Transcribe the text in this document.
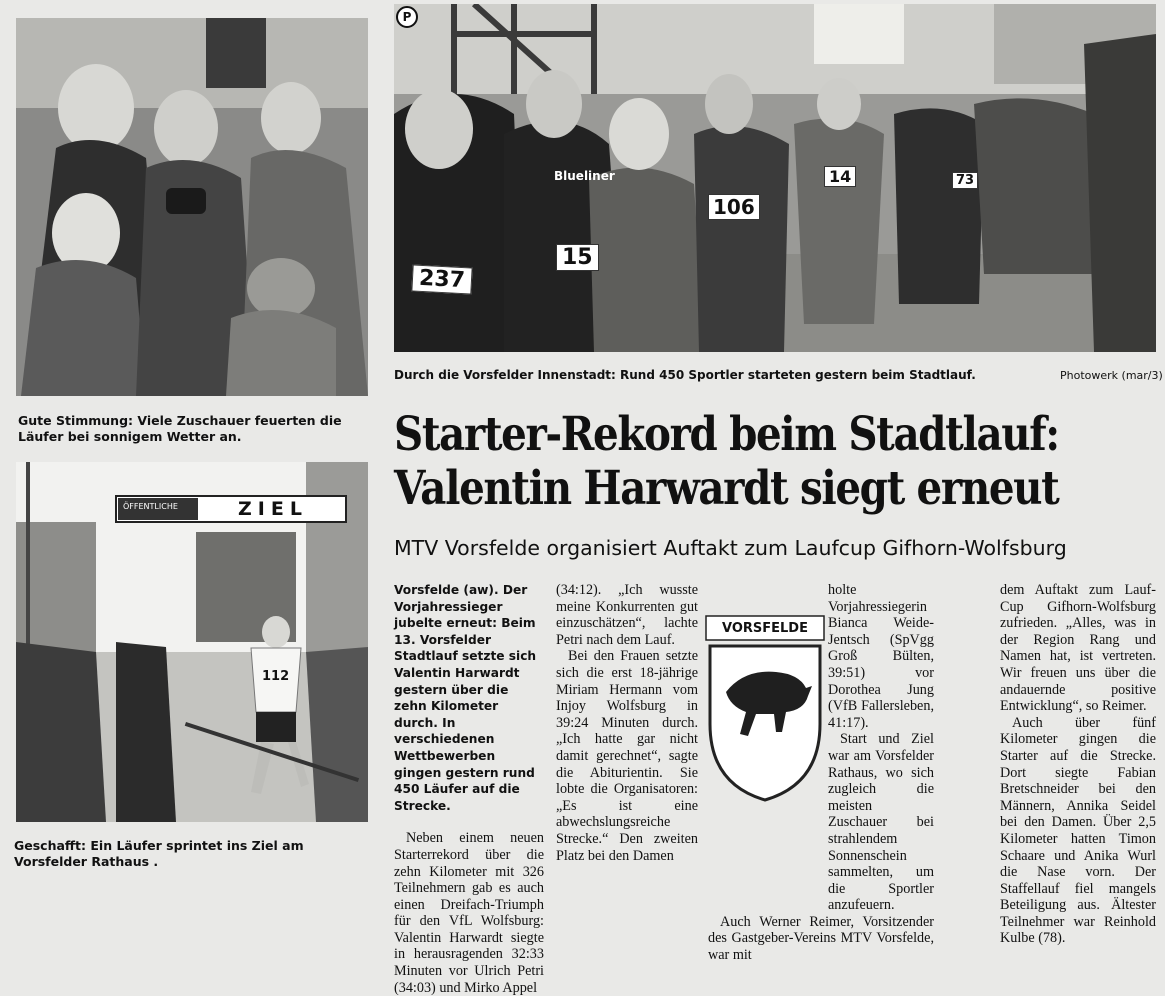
Gute Stimmung: Viele Zuschauer feuerten die Läufer bei sonnigem Wetter an.
ÖFFENTLICHE	ZIEL
112
Geschafft: Ein Läufer sprintet ins Ziel am Vorsfelder Rathaus .
237
15
106
14	73
Blueliner
P
Durch die Vorsfelder Innenstadt: Rund 450 Sportler starteten gestern beim Stadtlauf.	Photowerk (mar/3)
Starter-Rekord beim Stadtlauf:
Valentin Harwardt siegt erneut
MTV Vorsfelde organisiert Auftakt zum Laufcup Gifhorn-Wolfsburg

Vorsfelde (aw). Der Vorjahressieger jubelte erneut: Beim 13. Vorsfelder Stadtlauf setzte sich Valentin Harwardt gestern über die zehn Kilometer durch. In verschiedenen Wettbewerben gingen gestern rund 450 Läufer auf die Strecke.

Neben einem neuen Starterrekord über die zehn Kilometer mit 326 Teilnehmern gab es auch einen Dreifach-Triumph für den VfL Wolfsburg: Valentin Harwardt siegte in herausragenden 32:33 Minuten vor Ulrich Petri (34:03) und Mirko Appel

(34:12). „Ich wusste meine Konkurrenten gut einzuschätzen“, lachte Petri nach dem Lauf.

Bei den Frauen setzte sich die erst 18-jährige Miriam Hermann vom Injoy Wolfsburg in 39:24 Minuten durch. „Ich hatte gar nicht damit gerechnet“, sagte die Abiturientin. Sie lobte die Organisatoren: „Es ist eine abwechslungsreiche Strecke.“ Den zweiten Platz bei den Damen

holte Vorjahressiegerin Bianca Weide-Jentsch (SpVgg Groß Bülten, 39:51) vor Dorothea Jung (VfB Fallersleben, 41:17).

Start und Ziel war am Vorsfelder Rathaus, wo sich zugleich die meisten Zuschauer bei strahlendem Sonnenschein sammelten, um die Sportler anzufeuern.

Auch Werner Reimer, Vorsitzender des Gastgeber-Vereins MTV Vorsfelde, war mit

VORSFELDE

dem Auftakt zum Lauf-Cup Gifhorn-Wolfsburg zufrieden. „Alles, was in der Region Rang und Namen hat, ist vertreten. Wir freuen uns über die andauernde positive Entwicklung“, so Reimer.

Auch über fünf Kilometer gingen die Starter auf die Strecke. Dort siegte Fabian Bretschneider bei den Männern, Annika Seidel bei den Damen. Über 2,5 Kilometer hatten Timon Schaare und Anika Wurl die Nase vorn. Der Staffellauf fiel mangels Beteiligung aus. Ältester Teilnehmer war Reinhold Kulbe (78).
